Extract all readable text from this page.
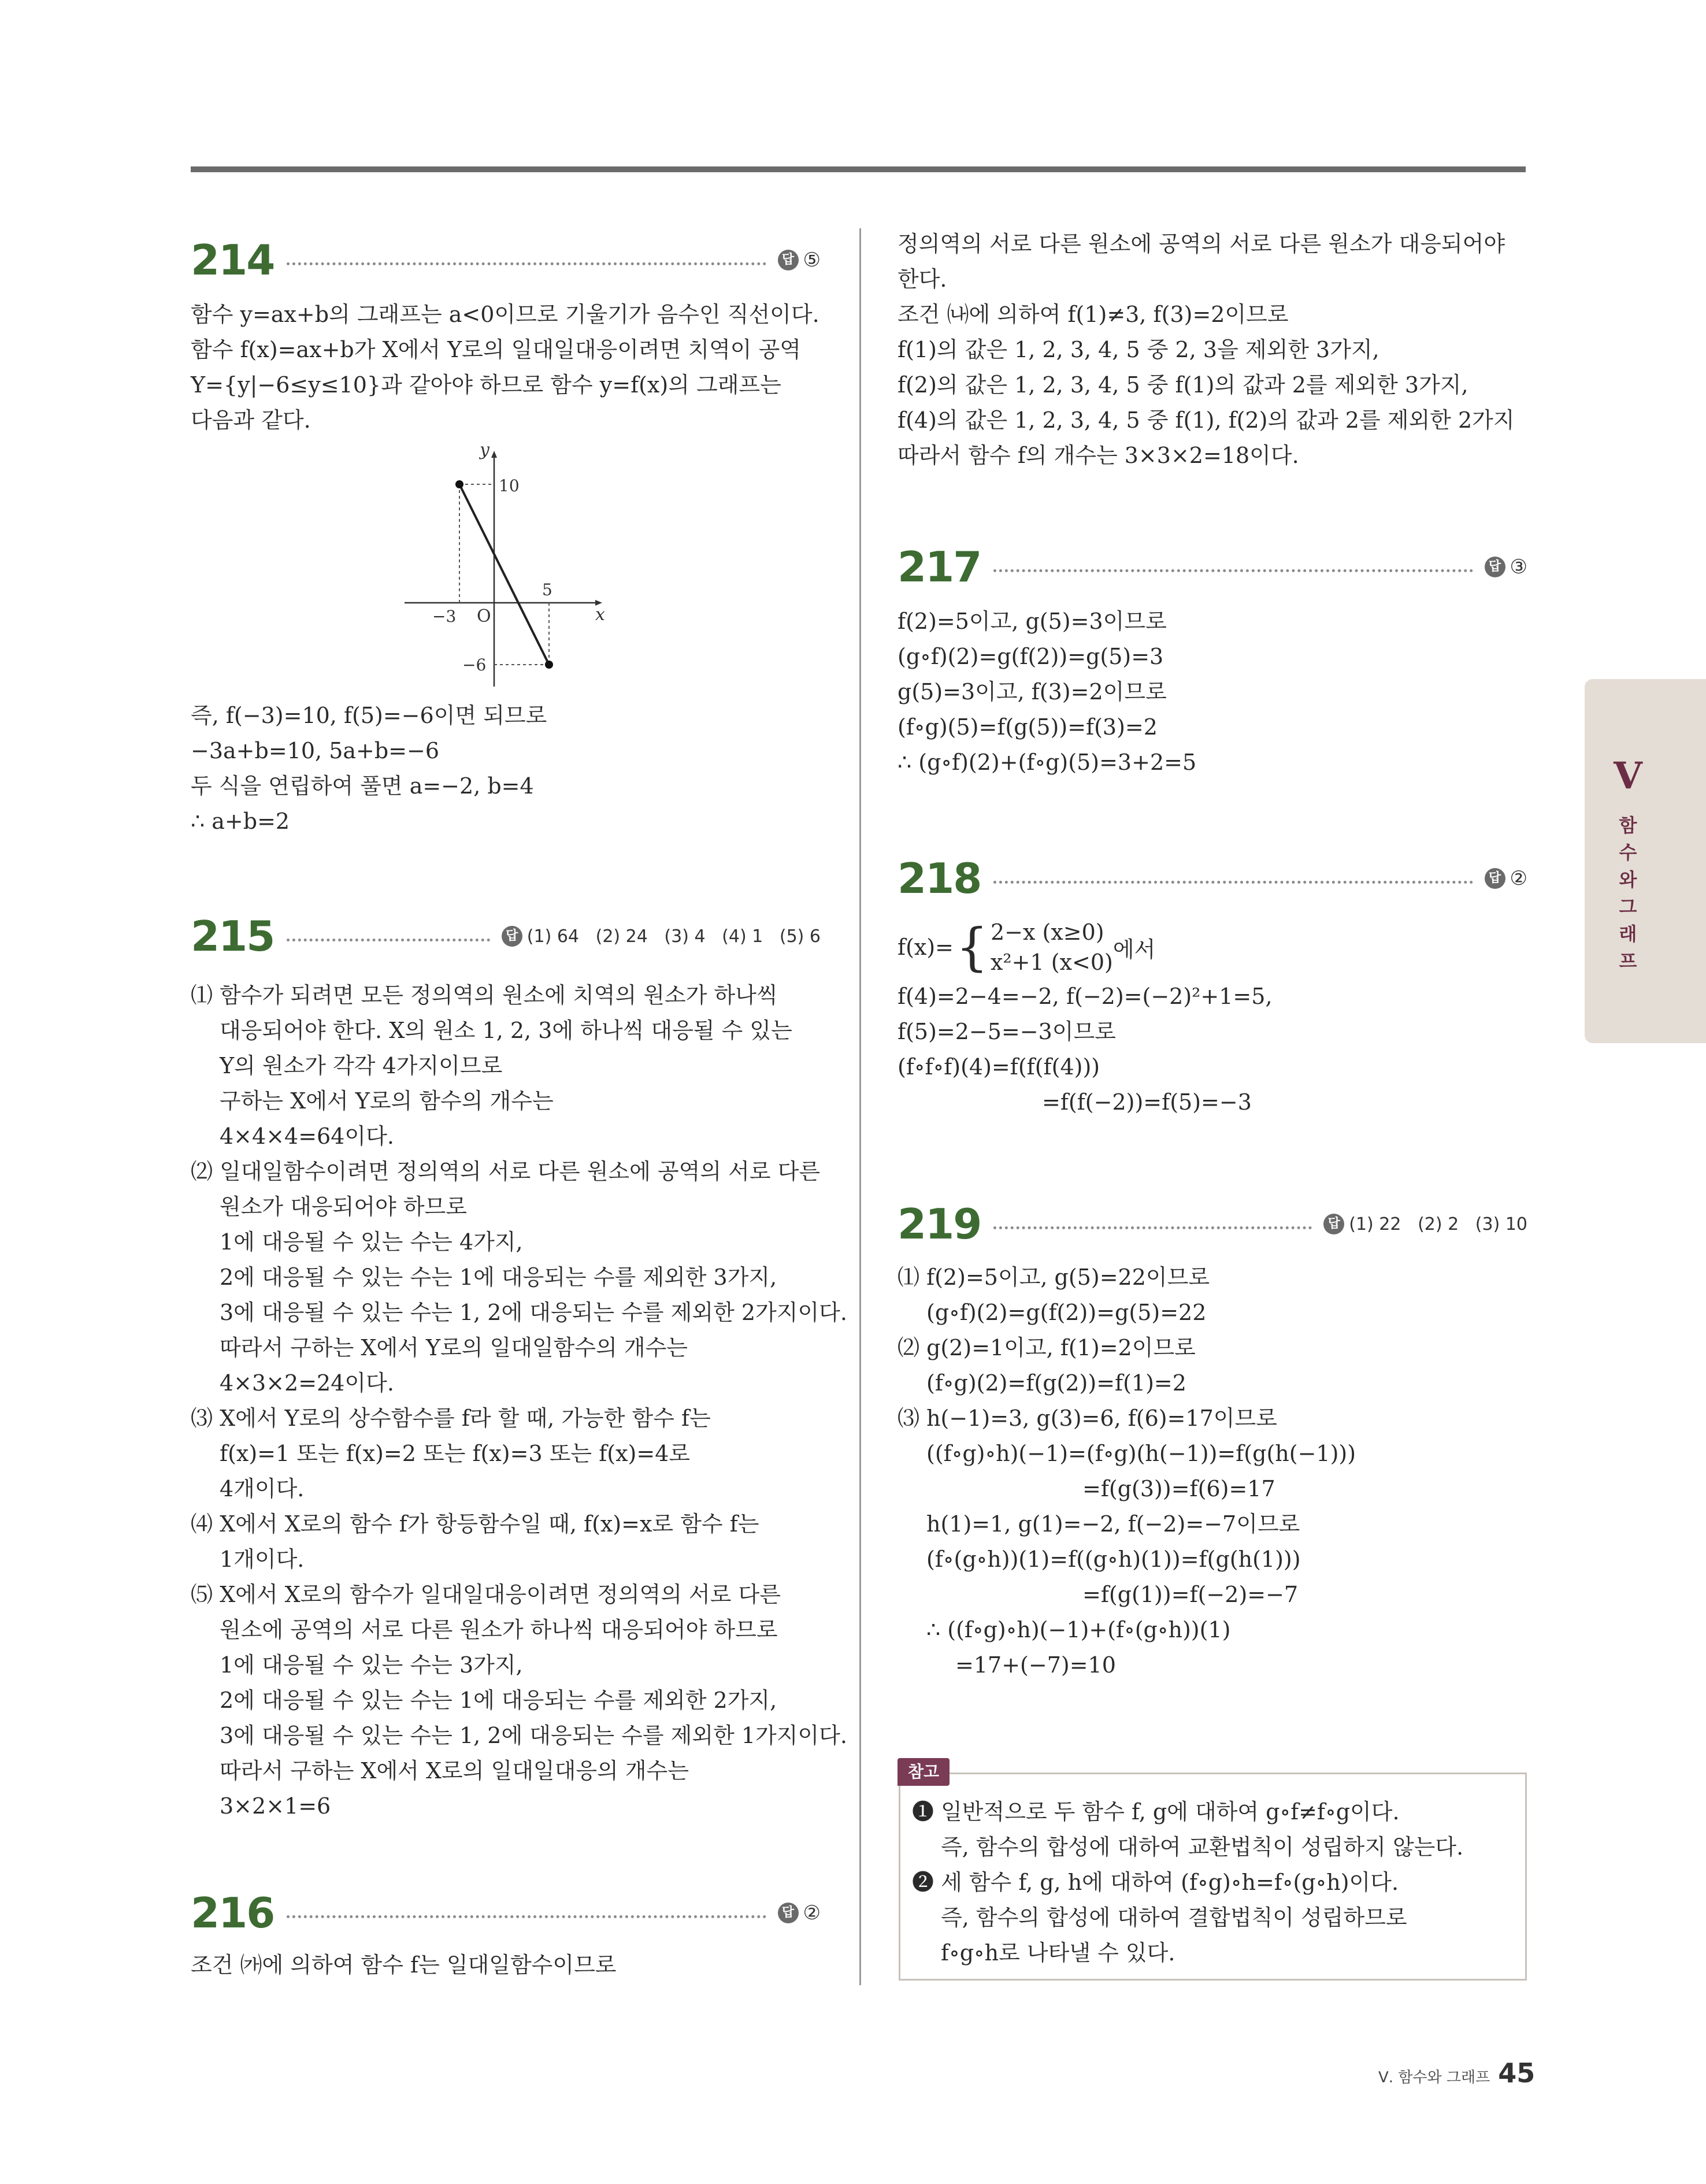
214	답 ⑤
함수 y=ax+b의 그래프는 a<0이므로 기울기가 음수인 직선이다.
함수 f(x)=ax+b가 X에서 Y로의 일대일대응이려면 치역이 공역
Y={y|−6≤y≤10}과 같아야 하므로 함수 y=f(x)의 그래프는
다음과 같다.
즉, f(−3)=10, f(5)=−6이면 되므로
−3a+b=10, 5a+b=−6
두 식을 연립하여 풀면 a=−2, b=4
∴ a+b=2
215	답 (1) 64   (2) 24   (3) 4   (4) 1   (5) 6
⑴ 함수가 되려면 모든 정의역의 원소에 치역의 원소가 하나씩
대응되어야 한다. X의 원소 1, 2, 3에 하나씩 대응될 수 있는
Y의 원소가 각각 4가지이므로
구하는 X에서 Y로의 함수의 개수는
4×4×4=64이다.
⑵ 일대일함수이려면 정의역의 서로 다른 원소에 공역의 서로 다른
원소가 대응되어야 하므로
1에 대응될 수 있는 수는 4가지,
2에 대응될 수 있는 수는 1에 대응되는 수를 제외한 3가지,
3에 대응될 수 있는 수는 1, 2에 대응되는 수를 제외한 2가지이다.
따라서 구하는 X에서 Y로의 일대일함수의 개수는
4×3×2=24이다.
⑶ X에서 Y로의 상수함수를 f라 할 때, 가능한 함수 f는
f(x)=1 또는 f(x)=2 또는 f(x)=3 또는 f(x)=4로
4개이다.
⑷ X에서 X로의 함수 f가 항등함수일 때, f(x)=x로 함수 f는
1개이다.
⑸ X에서 X로의 함수가 일대일대응이려면 정의역의 서로 다른
원소에 공역의 서로 다른 원소가 하나씩 대응되어야 하므로
1에 대응될 수 있는 수는 3가지,
2에 대응될 수 있는 수는 1에 대응되는 수를 제외한 2가지,
3에 대응될 수 있는 수는 1, 2에 대응되는 수를 제외한 1가지이다.
따라서 구하는 X에서 X로의 일대일대응의 개수는
3×2×1=6
216	답 ②
조건 ㈎에 의하여 함수 f는 일대일함수이므로
y
x
O
10
5
−3
−6
정의역의 서로 다른 원소에 공역의 서로 다른 원소가 대응되어야
한다.
조건 ㈏에 의하여 f(1)≠3, f(3)=2이므로
f(1)의 값은 1, 2, 3, 4, 5 중 2, 3을 제외한 3가지,
f(2)의 값은 1, 2, 3, 4, 5 중 f(1)의 값과 2를 제외한 3가지,
f(4)의 값은 1, 2, 3, 4, 5 중 f(1), f(2)의 값과 2를 제외한 2가지
따라서 함수 f의 개수는 3×3×2=18이다.
217	답 ③
f(2)=5이고, g(5)=3이므로
(g∘f)(2)=g(f(2))=g(5)=3
g(5)=3이고, f(3)=2이므로
(f∘g)(5)=f(g(5))=f(3)=2
∴ (g∘f)(2)+(f∘g)(5)=3+2=5
218	답 ②
f(x)= { 2−x (x≥0)
x²+1 (x<0)
에서
f(4)=2−4=−2, f(−2)=(−2)²+1=5,
f(5)=2−5=−3이므로
(f∘f∘f)(4)=f(f(f(4)))
=f(f(−2))=f(5)=−3
219	답 (1) 22   (2) 2   (3) 10
⑴ f(2)=5이고, g(5)=22이므로
(g∘f)(2)=g(f(2))=g(5)=22
⑵ g(2)=1이고, f(1)=2이므로
(f∘g)(2)=f(g(2))=f(1)=2
⑶ h(−1)=3, g(3)=6, f(6)=17이므로
((f∘g)∘h)(−1)=(f∘g)(h(−1))=f(g(h(−1)))
=f(g(3))=f(6)=17
h(1)=1, g(1)=−2, f(−2)=−7이므로
(f∘(g∘h))(1)=f((g∘h)(1))=f(g(h(1)))
=f(g(1))=f(−2)=−7
∴ ((f∘g)∘h)(−1)+(f∘(g∘h))(1)
=17+(−7)=10
참고
❶ 일반적으로 두 함수 f, g에 대하여 g∘f≠f∘g이다.
즉, 함수의 합성에 대하여 교환법칙이 성립하지 않는다.
❷ 세 함수 f, g, h에 대하여 (f∘g)∘h=f∘(g∘h)이다.
즉, 함수의 합성에 대하여 결합법칙이 성립하므로
f∘g∘h로 나타낼 수 있다.
V
함
수
와
그
래
프
Ⅴ. 함수와 그래프 45
